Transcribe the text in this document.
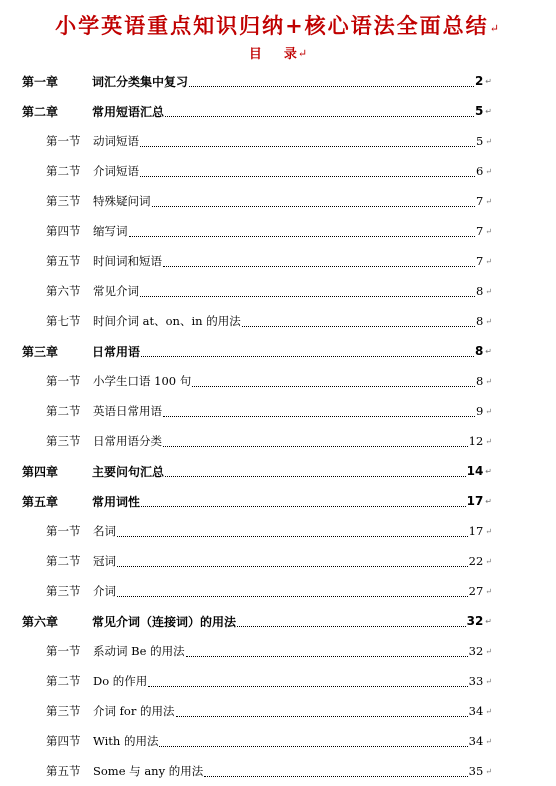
小学英语重点知识归纳+核心语法全面总结↵
目 录↵
第一章	词汇分类集中复习	2 ↵
第二章	常用短语汇总	5 ↵
第一节	动词短语	5 ↵
第二节	介词短语	6 ↵
第三节	特殊疑问词	7 ↵
第四节	缩写词	7 ↵
第五节	时间词和短语	7 ↵
第六节	常见介词	8 ↵
第七节	时间介词 at、on、in 的用法	8 ↵
第三章	日常用语	8 ↵
第一节	小学生口语 100 句	8 ↵
第二节	英语日常用语	9 ↵
第三节	日常用语分类	12 ↵
第四章	主要问句汇总	14 ↵
第五章	常用词性	17 ↵
第一节	名词	17 ↵
第二节	冠词	22 ↵
第三节	介词	27 ↵
第六章	常见介词（连接词）的用法	32 ↵
第一节	系动词 Be 的用法	32 ↵
第二节	Do 的作用	33 ↵
第三节	介词 for 的用法	34 ↵
第四节	With 的用法	34 ↵
第五节	Some 与 any 的用法	35 ↵
